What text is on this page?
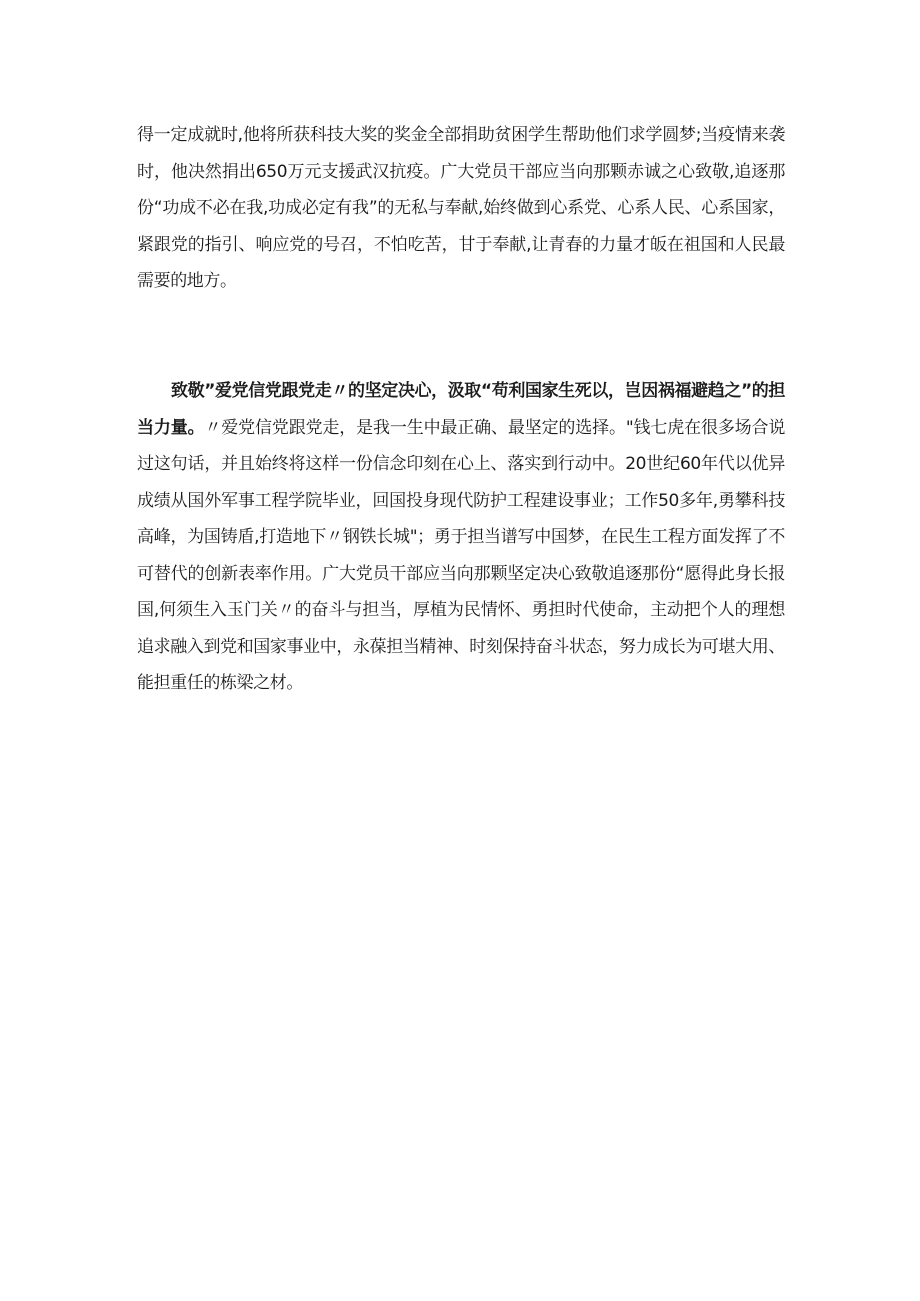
得一定成就时,他将所获科技大奖的奖金全部捐助贫困学生帮助他们求学圆梦;当疫情来袭时，他决然捐出650万元支援武汉抗疫。广大党员干部应当向那颗赤诚之心致敬,追逐那份“功成不必在我,功成必定有我”的无私与奉献,始终做到心系党、心系人民、心系国家，紧跟党的指引、响应党的号召，不怕吃苦，甘于奉献,让青春的力量才皈在祖国和人民最需要的地方。

致敬”爱党信党跟党走〃的坚定决心，汲取“苟利国家生死以，岂因祸福避趋之”的担当力量。〃爱党信党跟党走，是我一生中最正确、最坚定的选择。"钱七虎在很多场合说过这句话，并且始终将这样一份信念印刻在心上、落实到行动中。20世纪60年代以优异成绩从国外军事工程学院毕业，回国投身现代防护工程建设事业；工作50多年,勇攀科技高峰，为国铸盾,打造地下〃钢铁长城"；勇于担当谱写中国梦，在民生工程方面发挥了不可替代的创新表率作用。广大党员干部应当向那颗坚定决心致敬追逐那份“愿得此身长报国,何须生入玉门关〃的奋斗与担当，厚植为民情怀、勇担时代使命，主动把个人的理想追求融入到党和国家事业中，永葆担当精神、时刻保持奋斗状态，努力成长为可堪大用、能担重任的栋梁之材。
